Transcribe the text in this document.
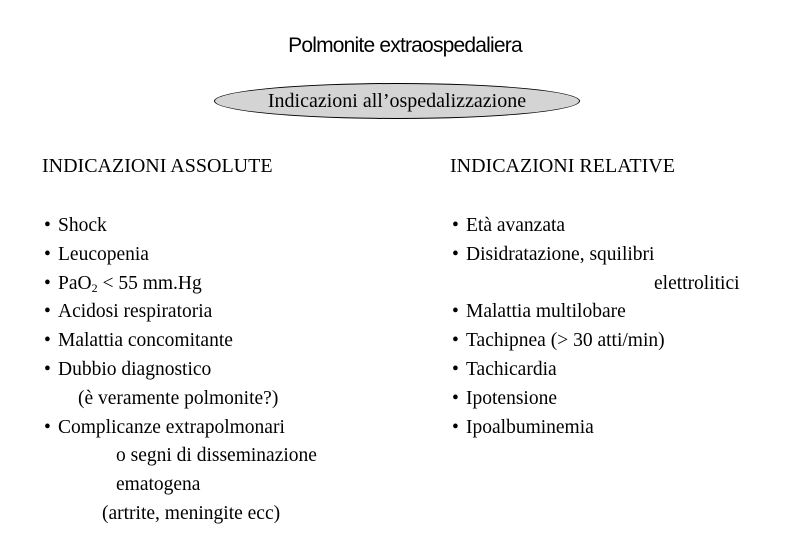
Polmonite extraospedaliera
Indicazioni all’ospedalizzazione
INDICAZIONI ASSOLUTE	INDICAZIONI RELATIVE
• Shock
• Leucopenia
• PaO$_2$ < 55 mm.Hg
• Acidosi respiratoria
• Malattia concomitante
• Dubbio diagnostico
(è veramente polmonite?)
• Complicanze extrapolmonari
o segni di disseminazione
ematogena
(artrite, meningite ecc)
• Età avanzata
• Disidratazione, squilibri
elettrolitici
• Malattia multilobare
• Tachipnea (> 30 atti/min)
• Tachicardia
• Ipotensione
• Ipoalbuminemia
